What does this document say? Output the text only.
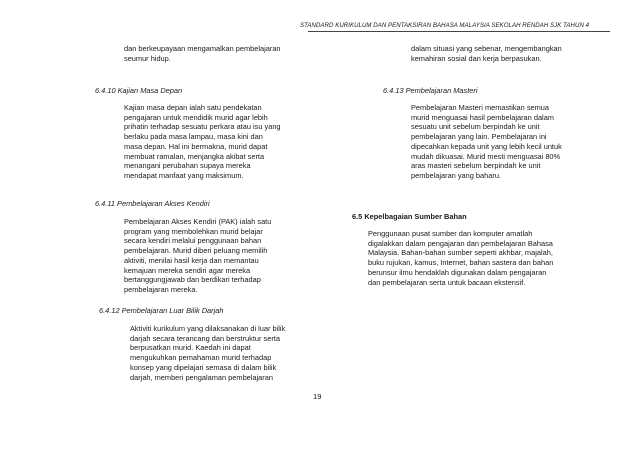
STANDARD KURIKULUM DAN PENTAKSIRAN BAHASA MALAYSIA SEKOLAH RENDAH SJK TAHUN 4
dan berkeupayaan mengamalkan pembelajaran
seumur hidup.
6.4.10 Kajian Masa Depan
Kajian masa depan ialah satu pendekatan
pengajaran untuk mendidik murid agar lebih
prihatin terhadap sesuatu perkara atau isu yang
berlaku pada masa lampau, masa kini dan
masa depan. Hal ini bermakna, murid dapat
membuat ramalan, menjangka akibat serta
menangani perubahan supaya mereka
mendapat manfaat yang maksimum.
6.4.11 Pembelajaran Akses Kendiri
Pembelajaran Akses Kendiri (PAK) ialah satu
program yang membolehkan murid belajar
secara kendiri melalui penggunaan bahan
pembelajaran. Murid diberi peluang memilih
aktiviti, menilai hasil kerja dan memantau
kemajuan mereka sendiri agar mereka
bertanggungjawab dan berdikari terhadap
pembelajaran mereka.
6.4.12 Pembelajaran Luar Bilik Darjah
Aktiviti kurikulum yang dilaksanakan di luar bilik
darjah secara terancang dan berstruktur serta
berpusatkan murid. Kaedah ini dapat
mengukuhkan pemahaman murid terhadap
konsep yang dipelajari semasa di dalam bilik
darjah, memberi pengalaman pembelajaran
dalam situasi yang sebenar, mengembangkan
kemahiran sosial dan kerja berpasukan.
6.4.13 Pembelajaran Masteri
Pembelajaran Masteri memastikan semua
murid menguasai hasil pembelajaran dalam
sesuatu unit sebelum berpindah ke unit
pembelajaran yang lain. Pembelajaran ini
dipecahkan kepada unit yang lebih kecil untuk
mudah dikuasai. Murid mesti menguasai 80%
aras masteri sebelum berpindah ke unit
pembelajaran yang baharu.
6.5 Kepelbagaian Sumber Bahan
Penggunaan pusat sumber dan komputer amatlah
digalakkan dalam pengajaran dan pembelajaran Bahasa
Malaysia. Bahan-bahan sumber seperti akhbar, majalah,
buku rujukan, kamus, Internet, bahan sastera dan bahan
berunsur ilmu hendaklah digunakan dalam pengajaran
dan pembelajaran serta untuk bacaan ekstensif.
19
